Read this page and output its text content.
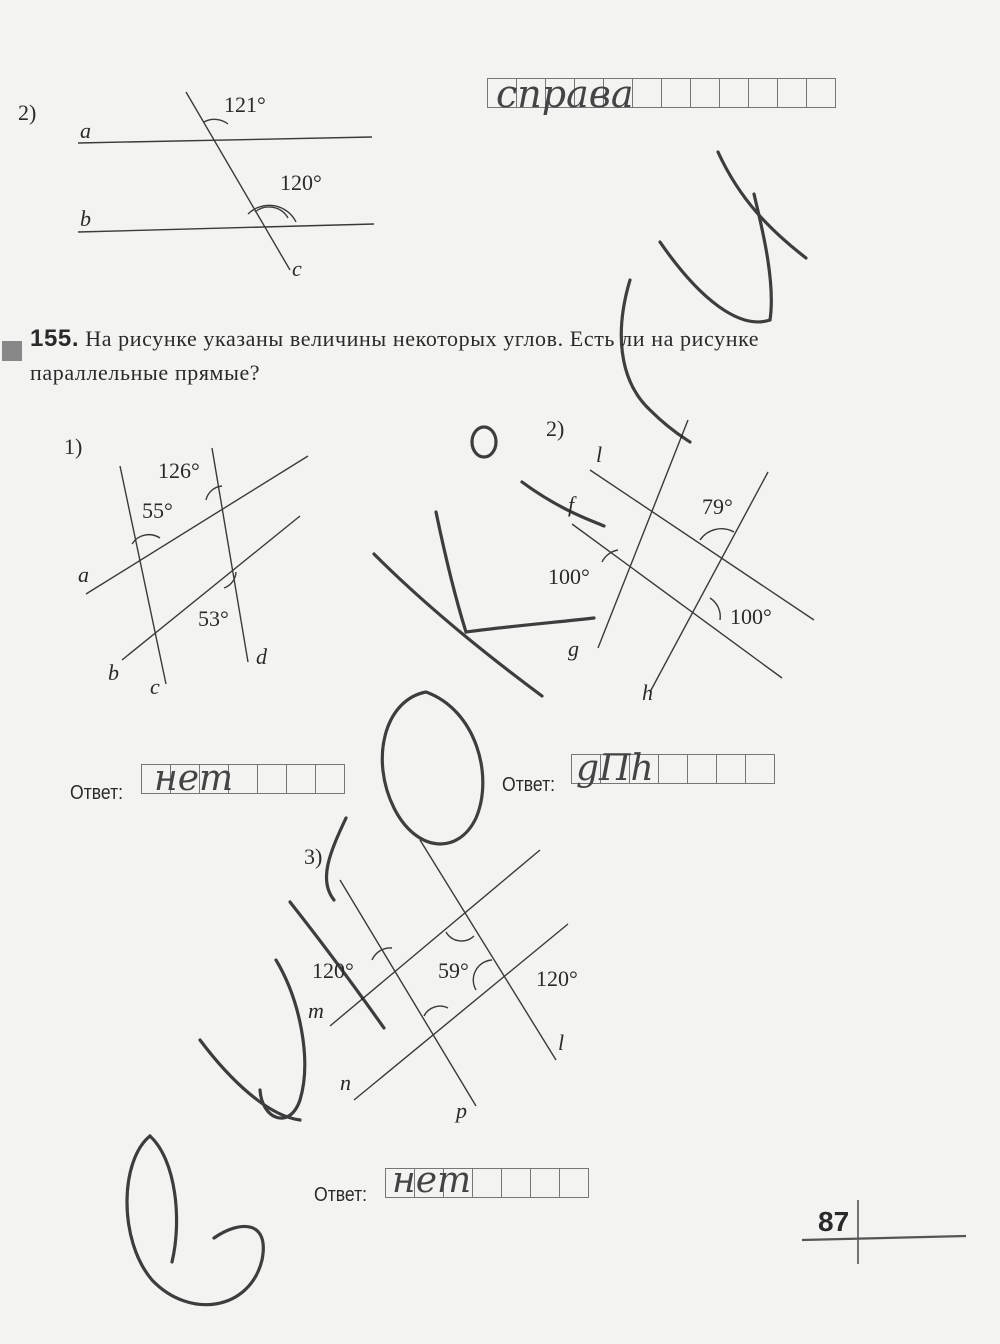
2)
a
b
c
121°
120°
справа
155. На рисунке указаны величины некоторых углов. Есть ли на рисунке параллельные прямые?
1)
126°
55°
53°
a
b
c
d
Ответ: нет
2)
l
f
g
h
79°
100°
100°
Ответ: gΠh
3)
120°	59°	120°
m
n
p
l
Ответ: нет
87
